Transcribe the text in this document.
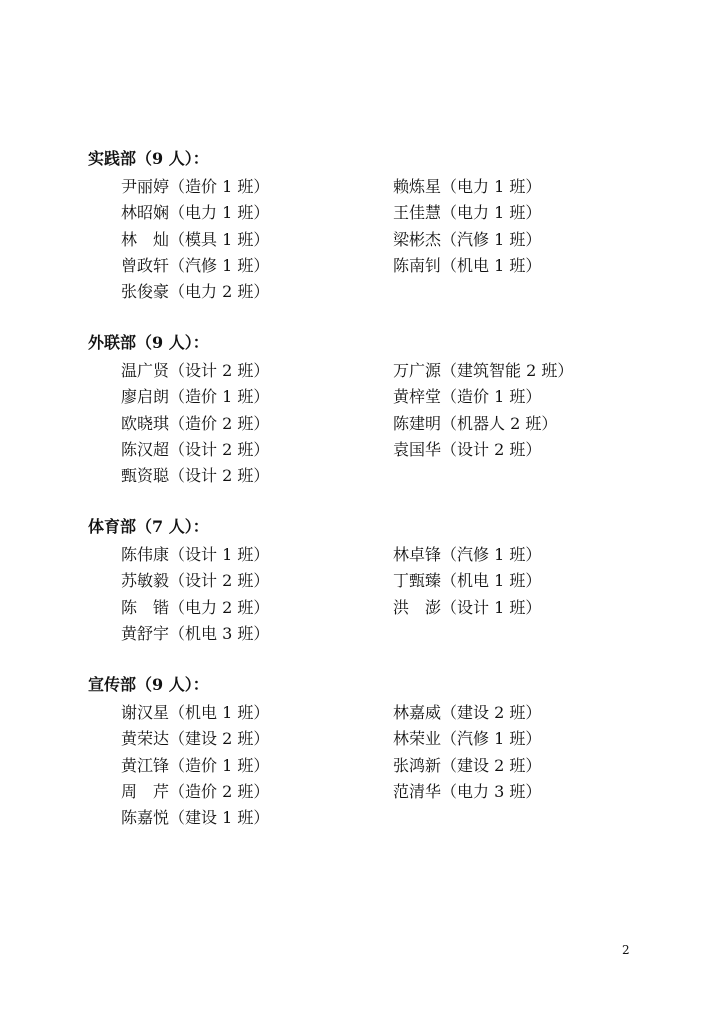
实践部（9 人）：
尹丽婷（造价 1 班）	赖炼星（电力 1 班）
林昭娴（电力 1 班）	王佳慧（电力 1 班）
林　灿（模具 1 班）	梁彬杰（汽修 1 班）
曾政轩（汽修 1 班）	陈南钊（机电 1 班）
张俊豪（电力 2 班）
外联部（9 人）：
温广贤（设计 2 班）	万广源（建筑智能 2 班）
廖启朗（造价 1 班）	黄梓堂（造价 1 班）
欧晓琪（造价 2 班）	陈建明（机器人 2 班）
陈汉超（设计 2 班）	袁国华（设计 2 班）
甄资聪（设计 2 班）
体育部（7 人）：
陈伟康（设计 1 班）	林卓锋（汽修 1 班）
苏敏毅（设计 2 班）	丁甄臻（机电 1 班）
陈　锴（电力 2 班）	洪　澎（设计 1 班）
黄舒宇（机电 3 班）
宣传部（9 人）：
谢汉星（机电 1 班）	林嘉威（建设 2 班）
黄荣达（建设 2 班）	林荣业（汽修 1 班）
黄江锋（造价 1 班）	张鸿新（建设 2 班）
周　芹（造价 2 班）	范清华（电力 3 班）
陈嘉悦（建设 1 班）
2
